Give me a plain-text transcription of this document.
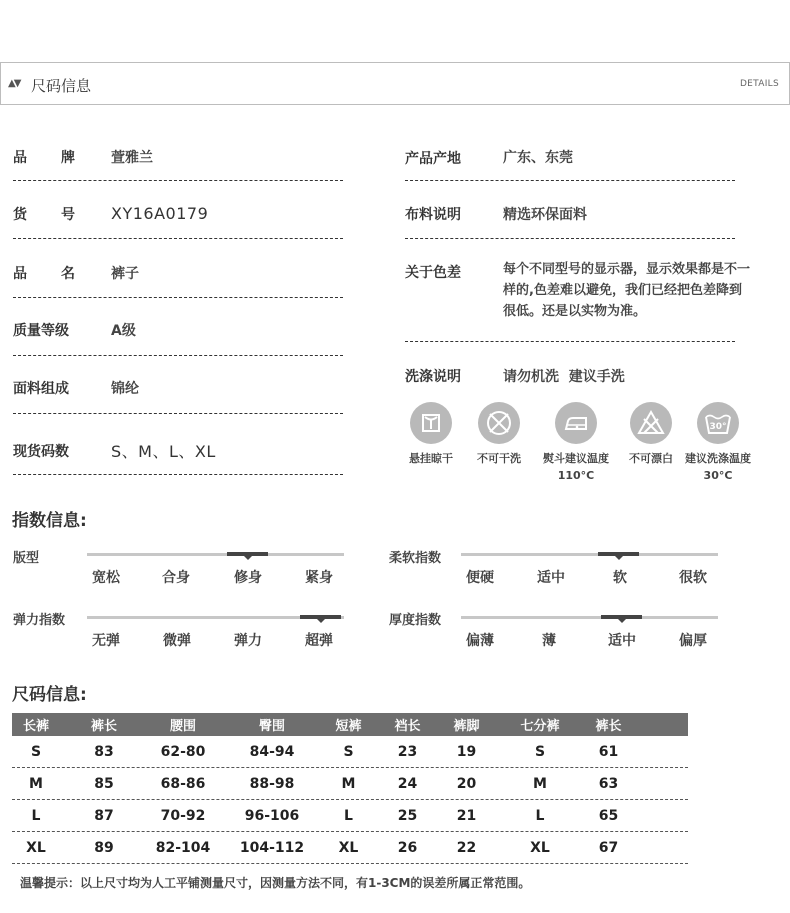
▲▼ 尺码信息	DETAILS
品 牌	萱雅兰
货 号 XY16A0179
品 名	裤子
质量等级	A级
面料组成	锦纶
现货码数	S、M、L、XL
产品产地	广东、东莞
布料说明	精选环保面料
关于色差	每个不同型号的显示器，显示效果都是不一样的,色差难以避免，我们已经把色差降到很低。还是以实物为准。
洗涤说明	请勿机洗  建议手洗
悬挂晾干	不可干洗	熨斗建议温度
110°C
不可漂白
30°
建议洗涤温度
30°C
指数信息:
版型
宽松	合身	修身	紧身
柔软指数
便硬	适中	软	很软
弹力指数
无弹	微弹	弹力	超弹
厚度指数
偏薄	薄	适中	偏厚
尺码信息:
长裤	裤长	腰围	臀围	短裤	裆长	裤脚	七分裤	裤长
S	83	62-80	84-94	S	23	19	S	61
M	85	68-86	88-98	M	24	20	M	63
L	87	70-92	96-106	L	25	21	L	65
XL	89	82-104	104-112	XL	26	22	XL	67
温馨提示：以上尺寸均为人工平铺测量尺寸，因测量方法不同，有1-3CM的误差所属正常范围。
